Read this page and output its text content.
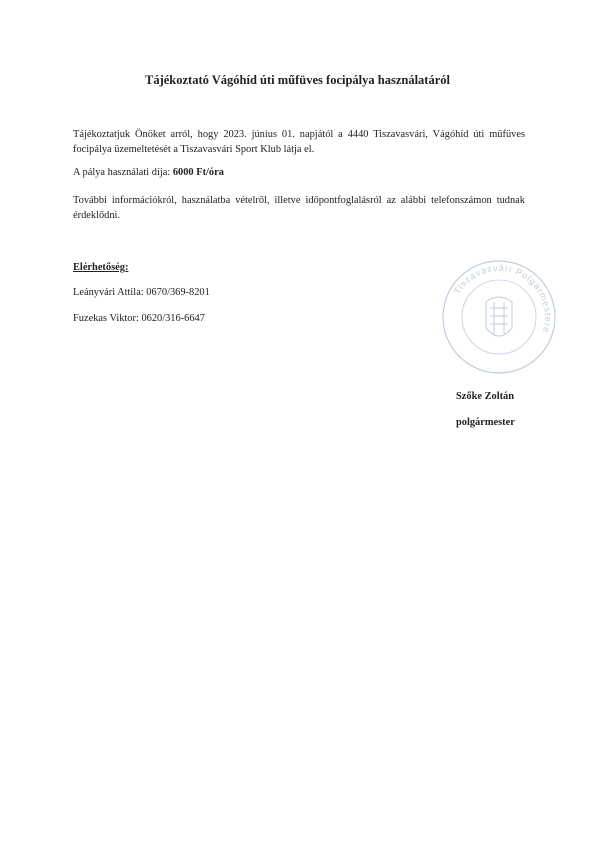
Tájékoztató Vágóhíd úti műfüves focipálya használatáról
Tájékoztatjuk Önöket arról, hogy 2023. június 01. napjától a 4440 Tiszavasvári, Vágóhíd úti műfüves focipálya üzemeltetését a Tiszavasvári Sport Klub látja el.
A pálya használati díja: 6000 Ft/óra
További információkról, használatba vételről, illetve időpontfoglalásról az alábbi telefonszámon tudnak érdeklődni.
Elérhetőség:
Leányvári Attila: 0670/369-8201
Fuzekas Viktor: 0620/316-6647
Tiszavasvári Polgármestere
Szőke Zoltán
polgármester
